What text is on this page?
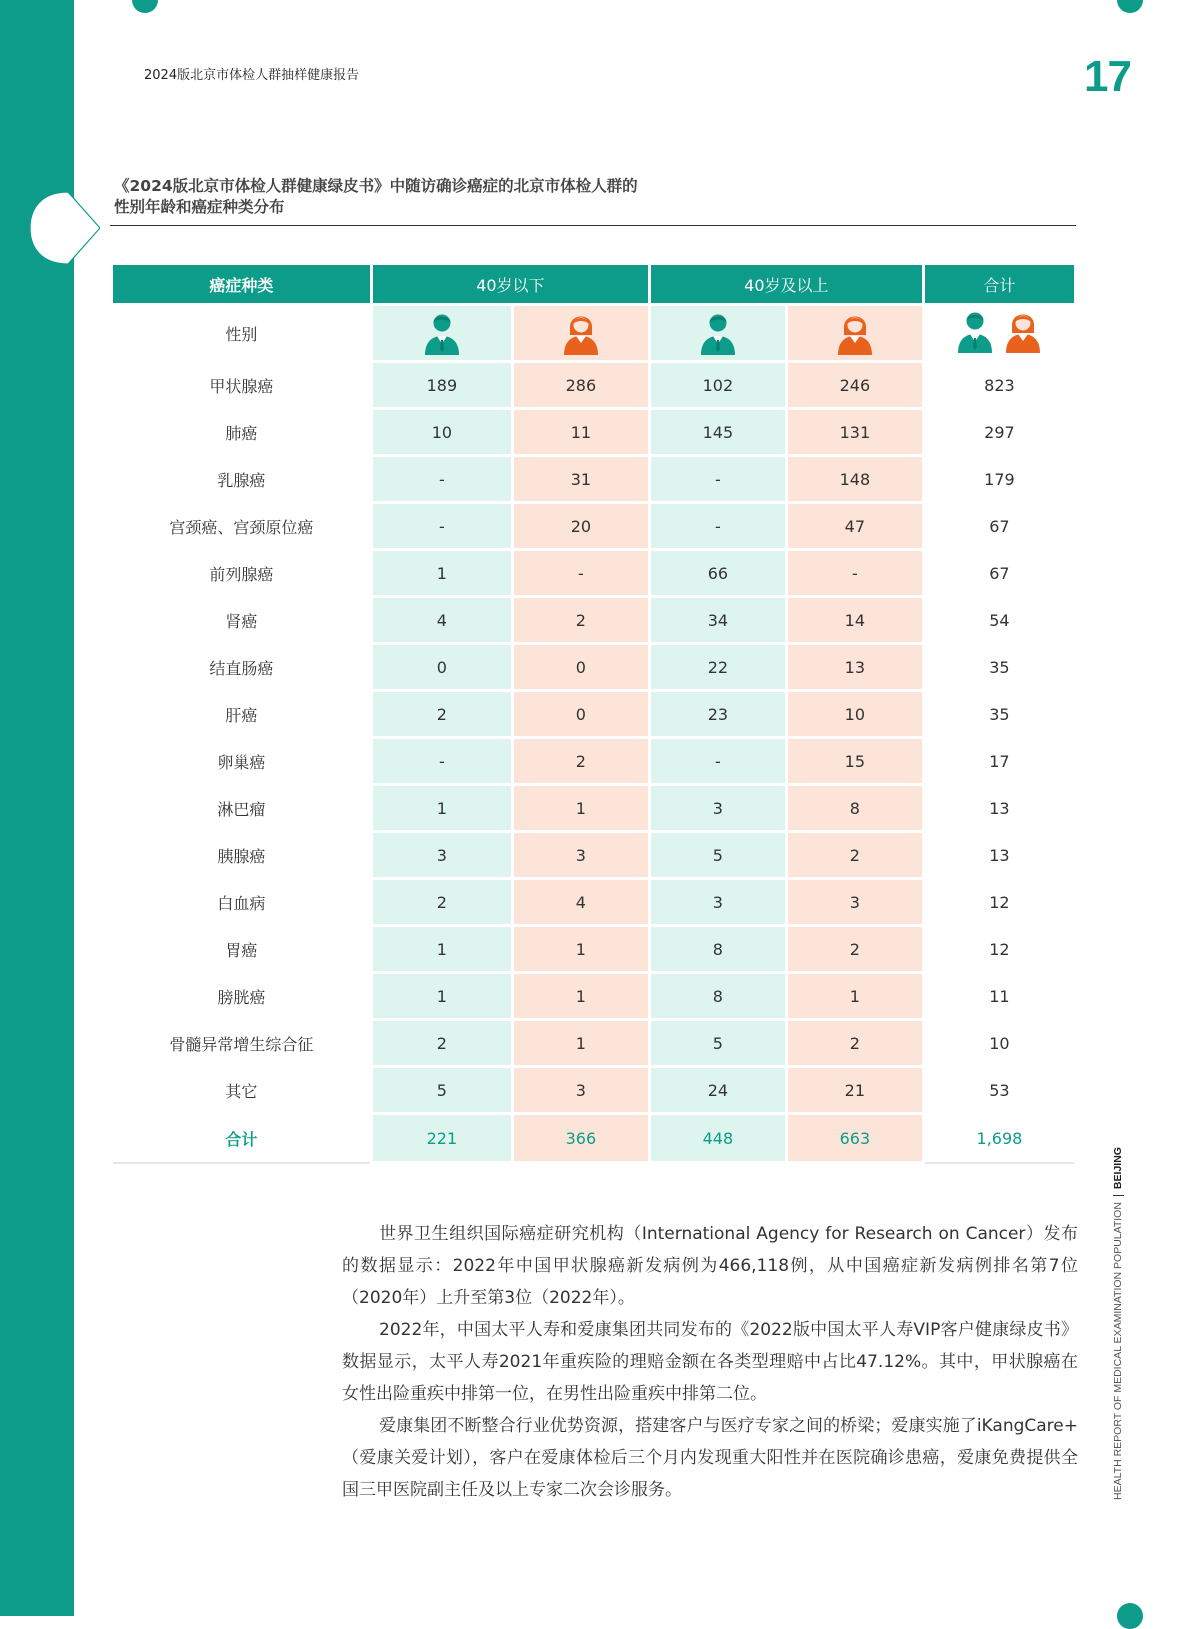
2024版北京市体检人群抽样健康报告	17
《2024版北京市体检人群健康绿皮书》中随访确诊癌症的北京市体检人群的
性别年龄和癌症种类分布
癌症种类	40岁以下		40岁及以上		合计
性别					

甲状腺癌	189	286	102	246	823
肺癌	10	11	145	131	297
乳腺癌	-	31	-	148	179
宫颈癌、宫颈原位癌	-	20	-	47	67
前列腺癌	1	-	66	-	67
肾癌	4	2	34	14	54
结直肠癌	0	0	22	13	35
肝癌	2	0	23	10	35
卵巢癌	-	2	-	15	17
淋巴瘤	1	1	3	8	13
胰腺癌	3	3	5	2	13
白血病	2	4	3	3	12
胃癌	1	1	8	2	12
膀胱癌	1	1	8	1	11
骨髓异常增生综合征	2	1	5	2	10
其它	5	3	24	21	53
合计	221	366	448	663	1,698

世界卫生组织国际癌症研究机构（International Agency for Research on Cancer）发布的数据显示：2022年中国甲状腺癌新发病例为466,118例，从中国癌症新发病例排名第7位（2020年）上升至第3位（2022年）。

2022年，中国太平人寿和爱康集团共同发布的《2022版中国太平人寿VIP客户健康绿皮书》数据显示，太平人寿2021年重疾险的理赔金额在各类型理赔中占比47.12%。其中，甲状腺癌在女性出险重疾中排第一位，在男性出险重疾中排第二位。

爱康集团不断整合行业优势资源，搭建客户与医疗专家之间的桥梁；爱康实施了iKangCare+（爱康关爱计划），客户在爱康体检后三个月内发现重大阳性并在医院确诊患癌，爱康免费提供全国三甲医院副主任及以上专家二次会诊服务。	HEALTH REPORT OF MEDICAL EXAMINATION POPULATIONBEIJING
